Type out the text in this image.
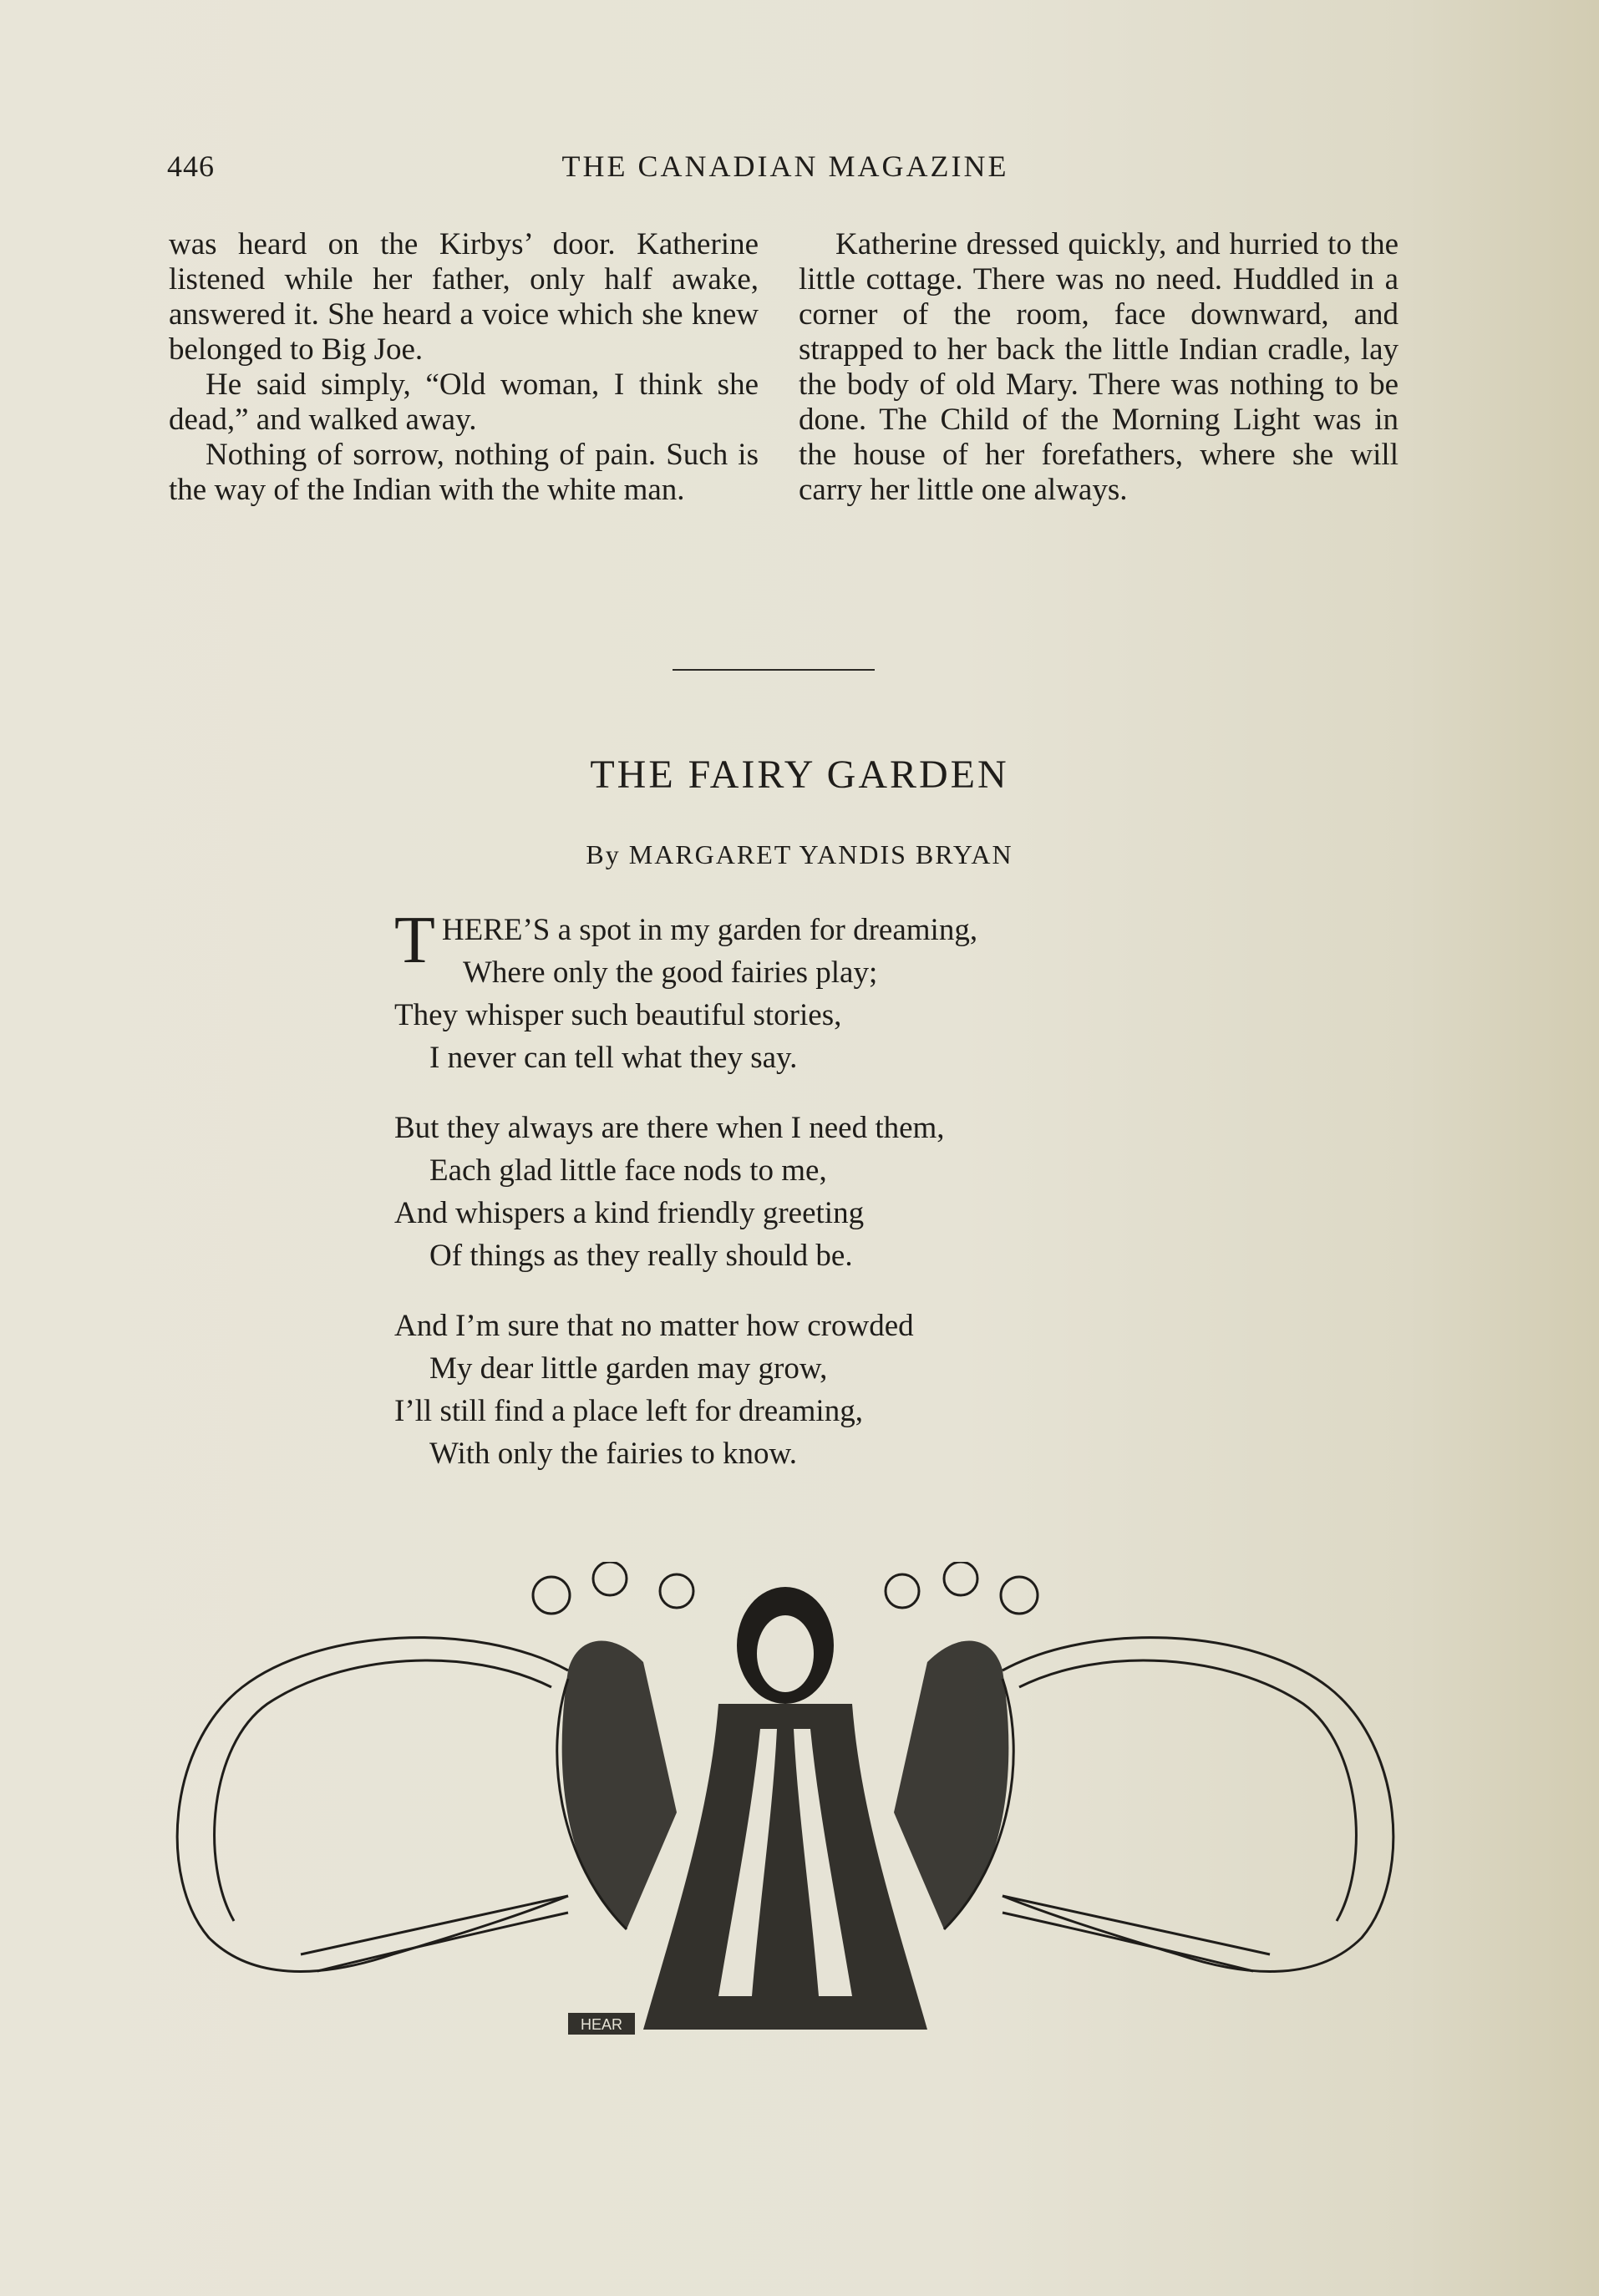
446	THE CANADIAN MAGAZINE

was heard on the Kirbys’ door. Katherine listened while her father, only half awake, answered it. She heard a voice which she knew belonged to Big Joe.

He said simply, “Old woman, I think she dead,” and walked away.

Nothing of sorrow, nothing of pain. Such is the way of the Indian with the white man.

Katherine dressed quickly, and hurried to the little cottage. There was no need. Huddled in a corner of the room, face downward, and strapped to her back the little Indian cradle, lay the body of old Mary. There was nothing to be done. The Child of the Morning Light was in the house of her forefathers, where she will carry her little one always.

THE FAIRY GARDEN
By MARGARET YANDIS BRYAN
T HERE’S a spot in my garden for dreaming,
Where only the good fairies play;
They whisper such beautiful stories,
I never can tell what they say.
But they always are there when I need them,
Each glad little face nods to me,
And whispers a kind friendly greeting
Of things as they really should be.
And I’m sure that no matter how crowded
My dear little garden may grow,
I’ll still find a place left for dreaming,
With only the fairies to know.
HEAR
